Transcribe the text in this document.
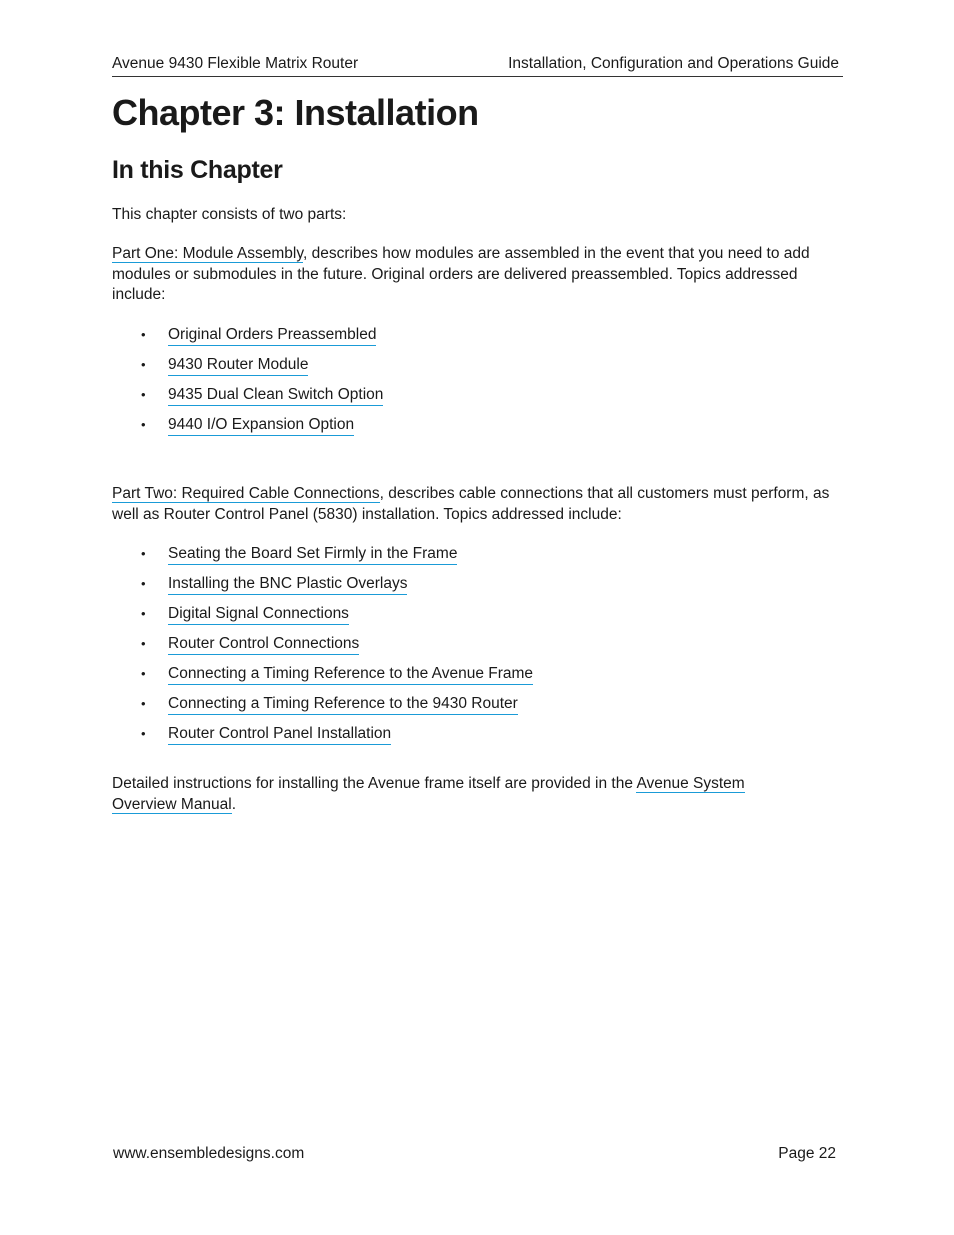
Avenue 9430 Flexible Matrix Router	Installation, Configuration and Operations Guide
Chapter 3: Installation
In this Chapter

This chapter consists of two parts:

Part One: Module Assembly, describes how modules are assembled in the event that you need to add modules or submodules in the future. Original orders are delivered preassembled. Topics addressed include:

• Original Orders Preassembled
• 9430 Router Module
• 9435 Dual Clean Switch Option
• 9440 I/O Expansion Option

Part Two: Required Cable Connections, describes cable connections that all customers must perform, as well as Router Control Panel (5830) installation. Topics addressed include:

• Seating the Board Set Firmly in the Frame
• Installing the BNC Plastic Overlays
• Digital Signal Connections
• Router Control Connections
• Connecting a Timing Reference to the Avenue Frame
• Connecting a Timing Reference to the 9430 Router
• Router Control Panel Installation

Detailed instructions for installing the Avenue frame itself are provided in the Avenue System Overview Manual.

www.ensembledesigns.com	Page 22
